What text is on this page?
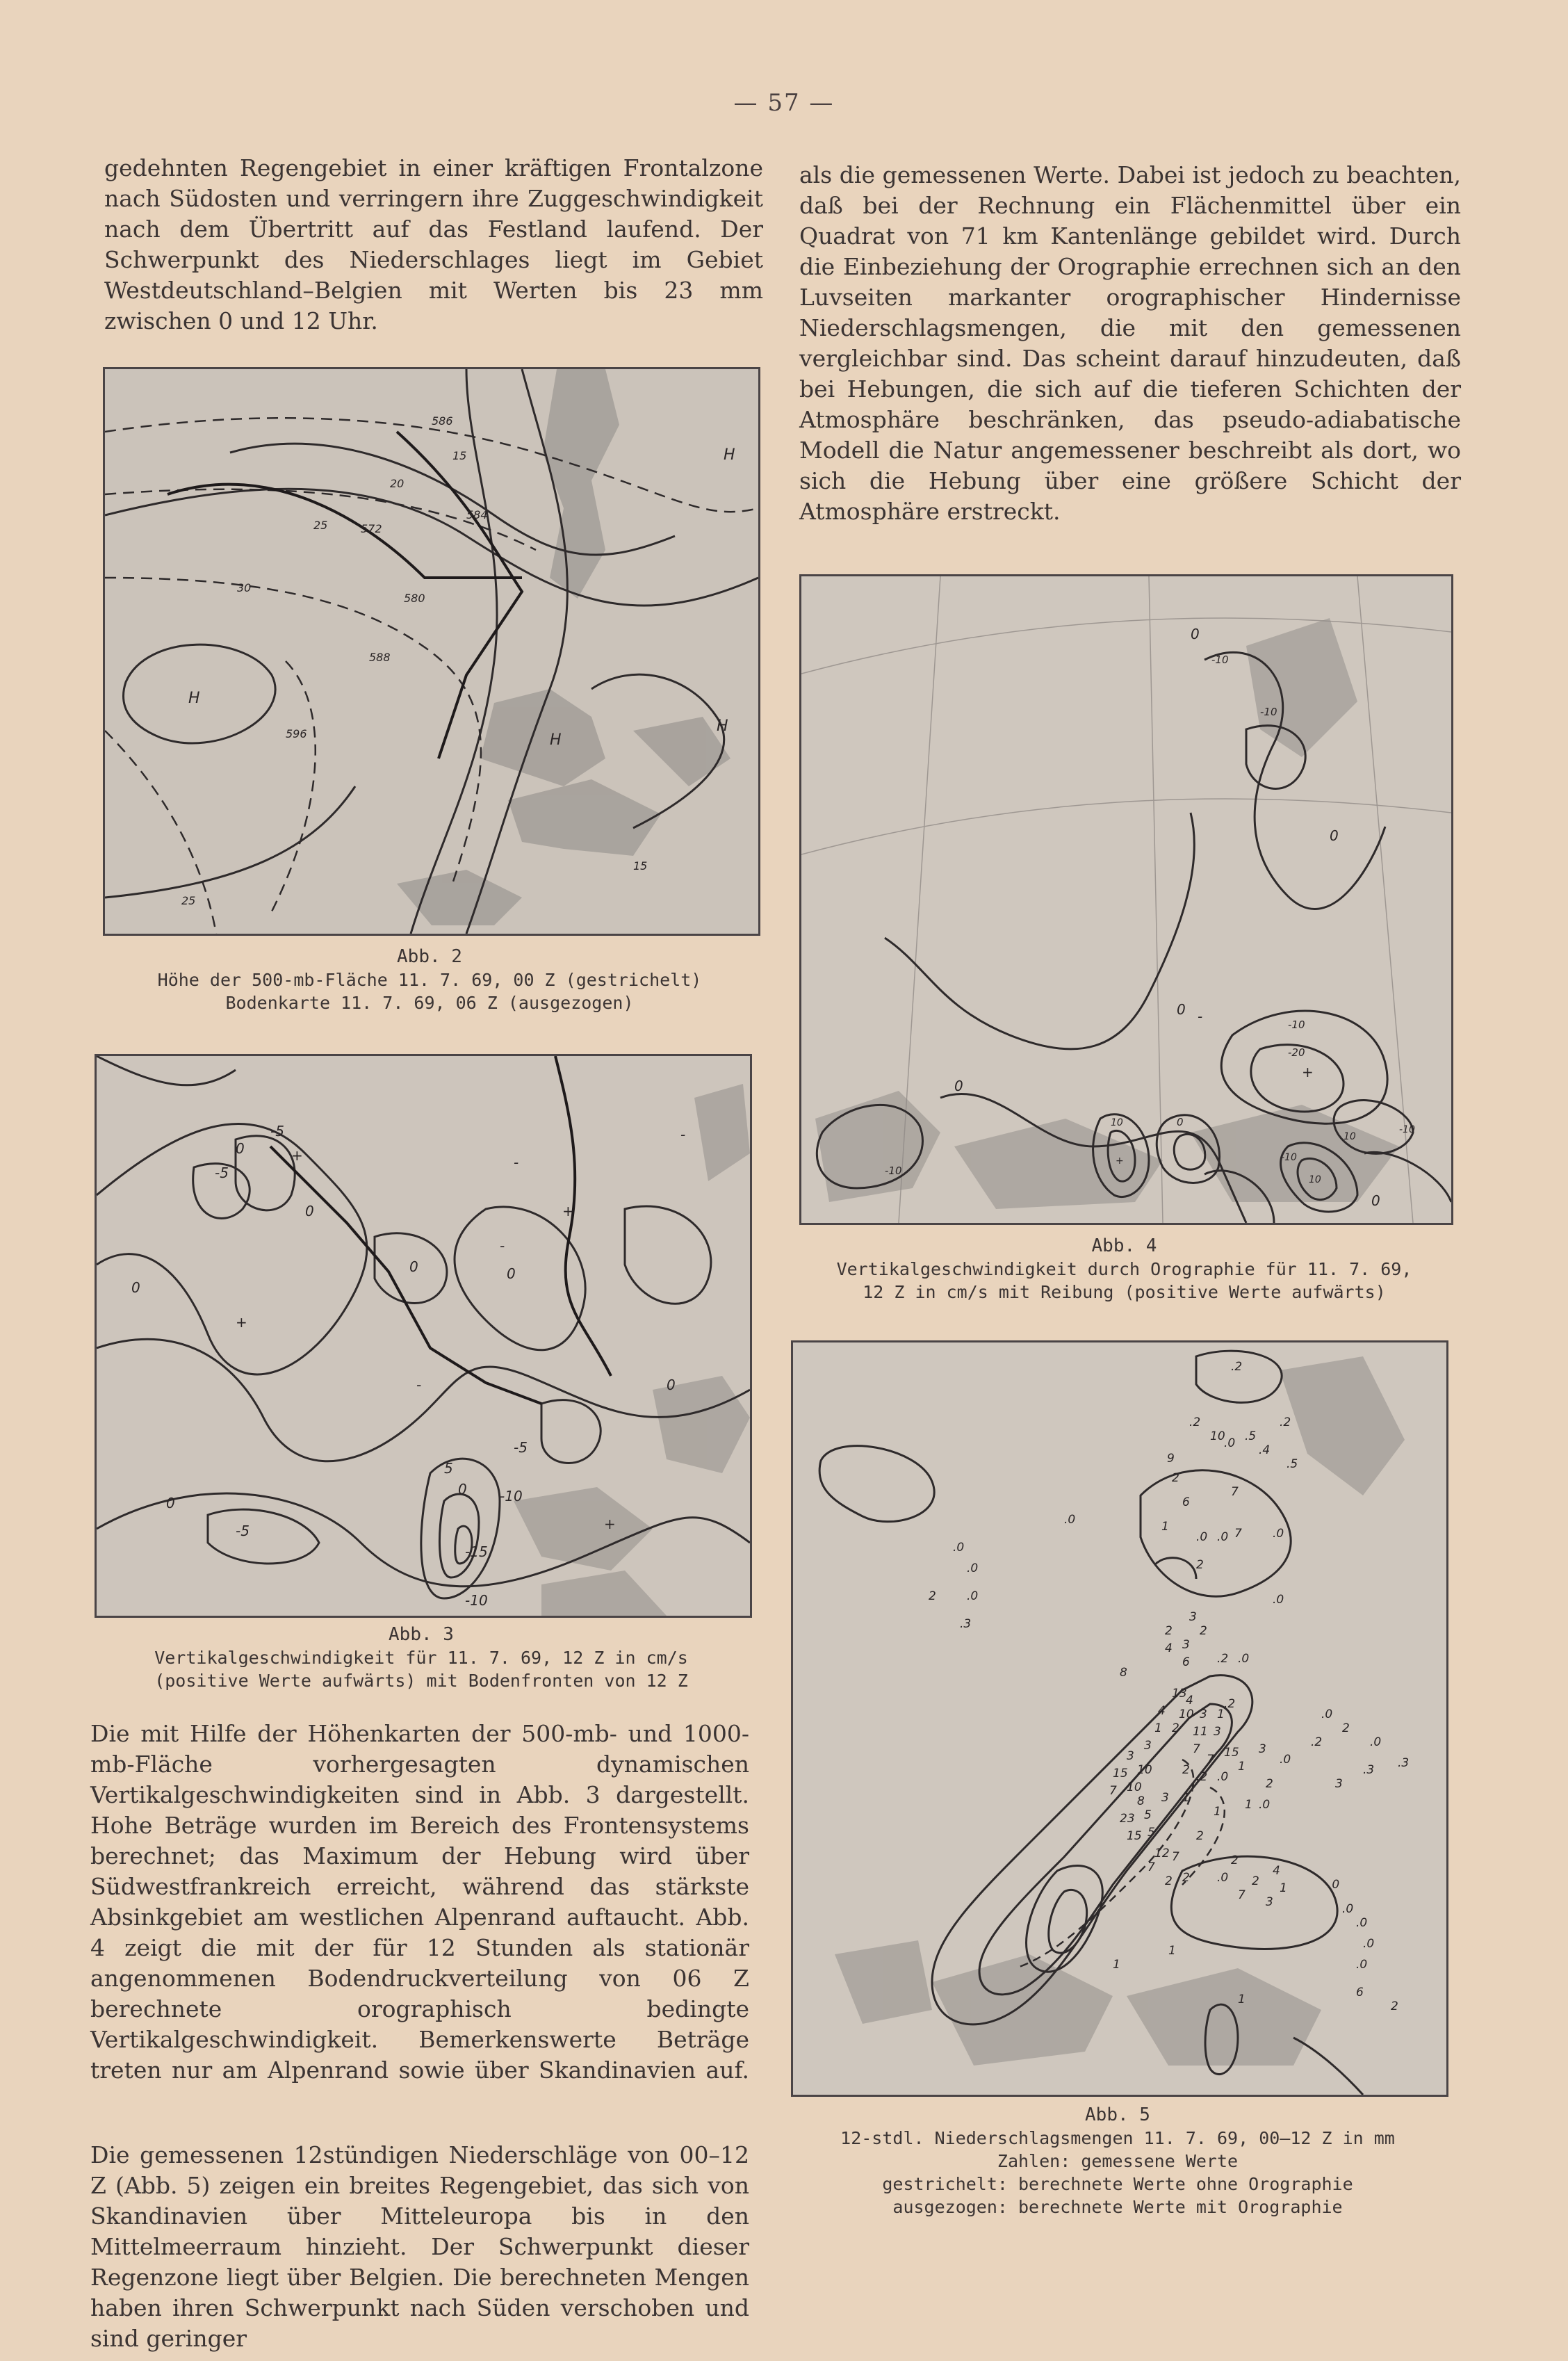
— 57 —

gedehnten Regengebiet in einer kräftigen Frontalzone nach Südosten und verringern ihre Zuggeschwindigkeit nach dem Übertritt auf das Festland laufend. Der Schwerpunkt des Niederschlages liegt im Gebiet Westdeutschland–Belgien mit Werten bis 23 mm zwischen 0 und 12 Uhr.

als die gemessenen Werte. Dabei ist jedoch zu beachten, daß bei der Rechnung ein Flächenmittel über ein Quadrat von 71 km Kantenlänge gebildet wird. Durch die Einbeziehung der Orographie errechnen sich an den Luvseiten markanter orographischer Hindernisse Niederschlagsmengen, die mit den gemessenen vergleichbar sind. Das scheint darauf hinzudeuten, daß bei Hebungen, die sich auf die tieferen Schichten der Atmosphäre beschränken, das pseudo-adiabatische Modell die Natur angemessener beschreibt als dort, wo sich die Hebung über eine größere Schicht der Atmosphäre erstreckt.

H
H
H
H
586
584
572
580
588
596
15
20
25
30
15
25
Abb. 2
Höhe der 500-mb-Fläche 11. 7. 69, 00 Z (gestrichelt)
Bodenkarte 11. 7. 69, 06 Z (ausgezogen)
0
-5
-5
+
0
0
+
-
0	0
-
+
5
0
-5
-10
-15
-10
0
+
-5
0
-
-
Abb. 3
Vertikalgeschwindigkeit für 11. 7. 69, 12 Z in cm/s
(positive Werte aufwärts) mit Bodenfronten von 12 Z

Die mit Hilfe der Höhenkarten der 500-mb- und 1000-mb-Fläche vorhergesagten dynamischen Vertikalgeschwindigkeiten sind in Abb. 3 dargestellt. Hohe Beträge wurden im Bereich des Frontensystems berechnet; das Maximum der Hebung wird über Südwestfrankreich erreicht, während das stärkste Absinkgebiet am westlichen Alpenrand auftaucht. Abb. 4 zeigt die mit der für 12 Stunden als stationär angenommenen Bodendruckverteilung von 06 Z berechnete orographisch bedingte Vertikalgeschwindigkeit. Bemerkenswerte Beträge treten nur am Alpenrand sowie über Skandinavien auf.

Die gemessenen 12stündigen Niederschläge von 00–12 Z (Abb. 5) zeigen ein breites Regengebiet, das sich von Skandinavien über Mitteleuropa bis in den Mittelmeerraum hinzieht. Der Schwerpunkt dieser Regenzone liegt über Belgien. Die berechneten Mengen haben ihren Schwerpunkt nach Süden verschoben und sind geringer

0
-10
-10
0
0 -	-10
-20
+
10
+
0
-10
0
10
-10
-10
10
0
Abb. 4
Vertikalgeschwindigkeit durch Orographie für 11. 7. 69,
12 Z in cm/s mit Reibung (positive Werte aufwärts)
.2
.2
10
.0 .5
.4
.2
.5
9
2
7
6
1
.0 .0 7	.0
.0
.0
2
.0
2	.0
.3
.0
2
3
2
4 3
6 .2 .0
8
13
4	.2
4 10 3 1
1 2 11 3
7
3
3	7 15
1
3
.0
.2
15 10	2 .2 .0	2
7 10
8 3 1
23 5	1 1 .0
15 5	2
12 7
7
2
2
2
.0 2
4
7	1
3
.0
.0
.0
.0
.0
.0
2
.0
.3
.3
3
1
1
1	6
2
Abb. 5
12-stdl. Niederschlagsmengen 11. 7. 69, 00—12 Z in mm
Zahlen: gemessene Werte
gestrichelt: berechnete Werte ohne Orographie
ausgezogen: berechnete Werte mit Orographie
